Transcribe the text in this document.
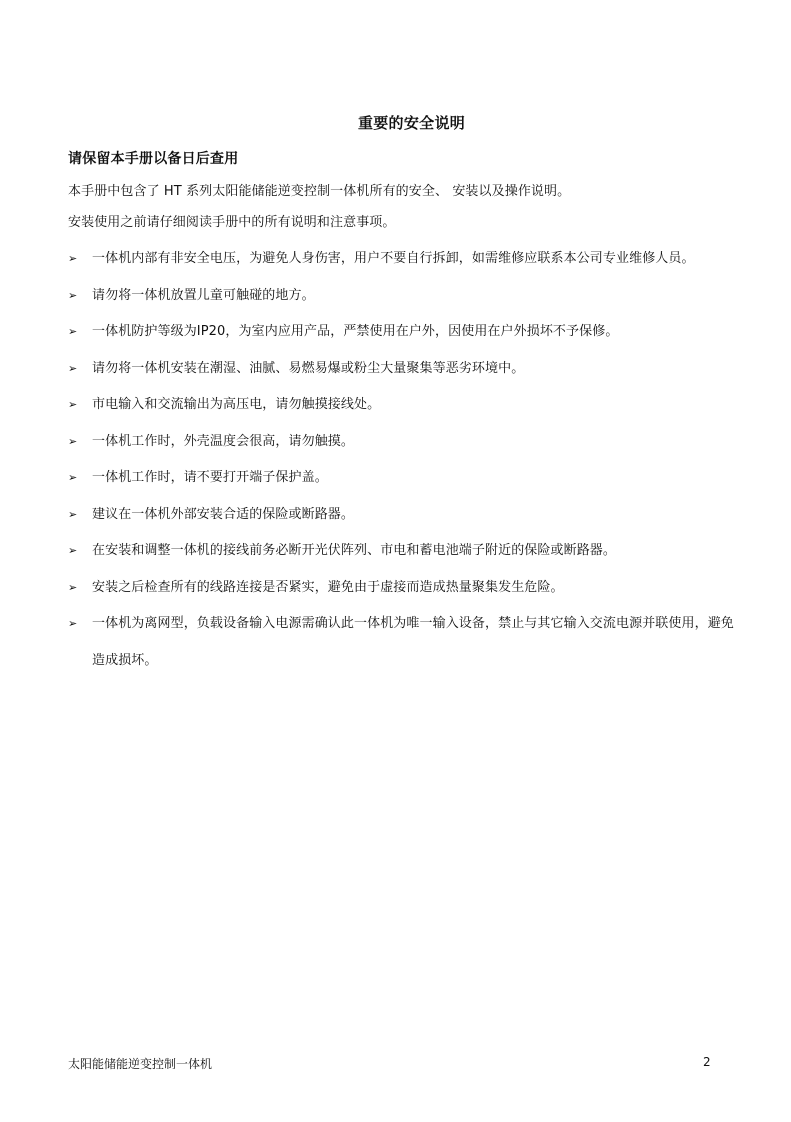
重要的安全说明
请保留本手册以备日后查用
本手册中包含了 HT 系列太阳能储能逆变控制一体机所有的安全、 安装以及操作说明。
安装使用之前请仔细阅读手册中的所有说明和注意事项。
➢ 一体机内部有非安全电压，为避免人身伤害，用户不要自行拆卸，如需维修应联系本公司专业维修人员。
➢ 请勿将一体机放置儿童可触碰的地方。
➢ 一体机防护等级为IP20，为室内应用产品，严禁使用在户外，因使用在户外损坏不予保修。
➢ 请勿将一体机安装在潮湿、油腻、易燃易爆或粉尘大量聚集等恶劣环境中。
➢ 市电输入和交流输出为高压电，请勿触摸接线处。
➢ 一体机工作时，外壳温度会很高，请勿触摸。
➢ 一体机工作时，请不要打开端子保护盖。
➢ 建议在一体机外部安装合适的保险或断路器。
➢ 在安装和调整一体机的接线前务必断开光伏阵列、市电和蓄电池端子附近的保险或断路器。
➢ 安装之后检查所有的线路连接是否紧实，避免由于虚接而造成热量聚集发生危险。
➢ 一体机为离网型，负载设备输入电源需确认此一体机为唯一输入设备，禁止与其它输入交流电源并联使用，避免造成损坏。
太阳能储能逆变控制一体机	2
